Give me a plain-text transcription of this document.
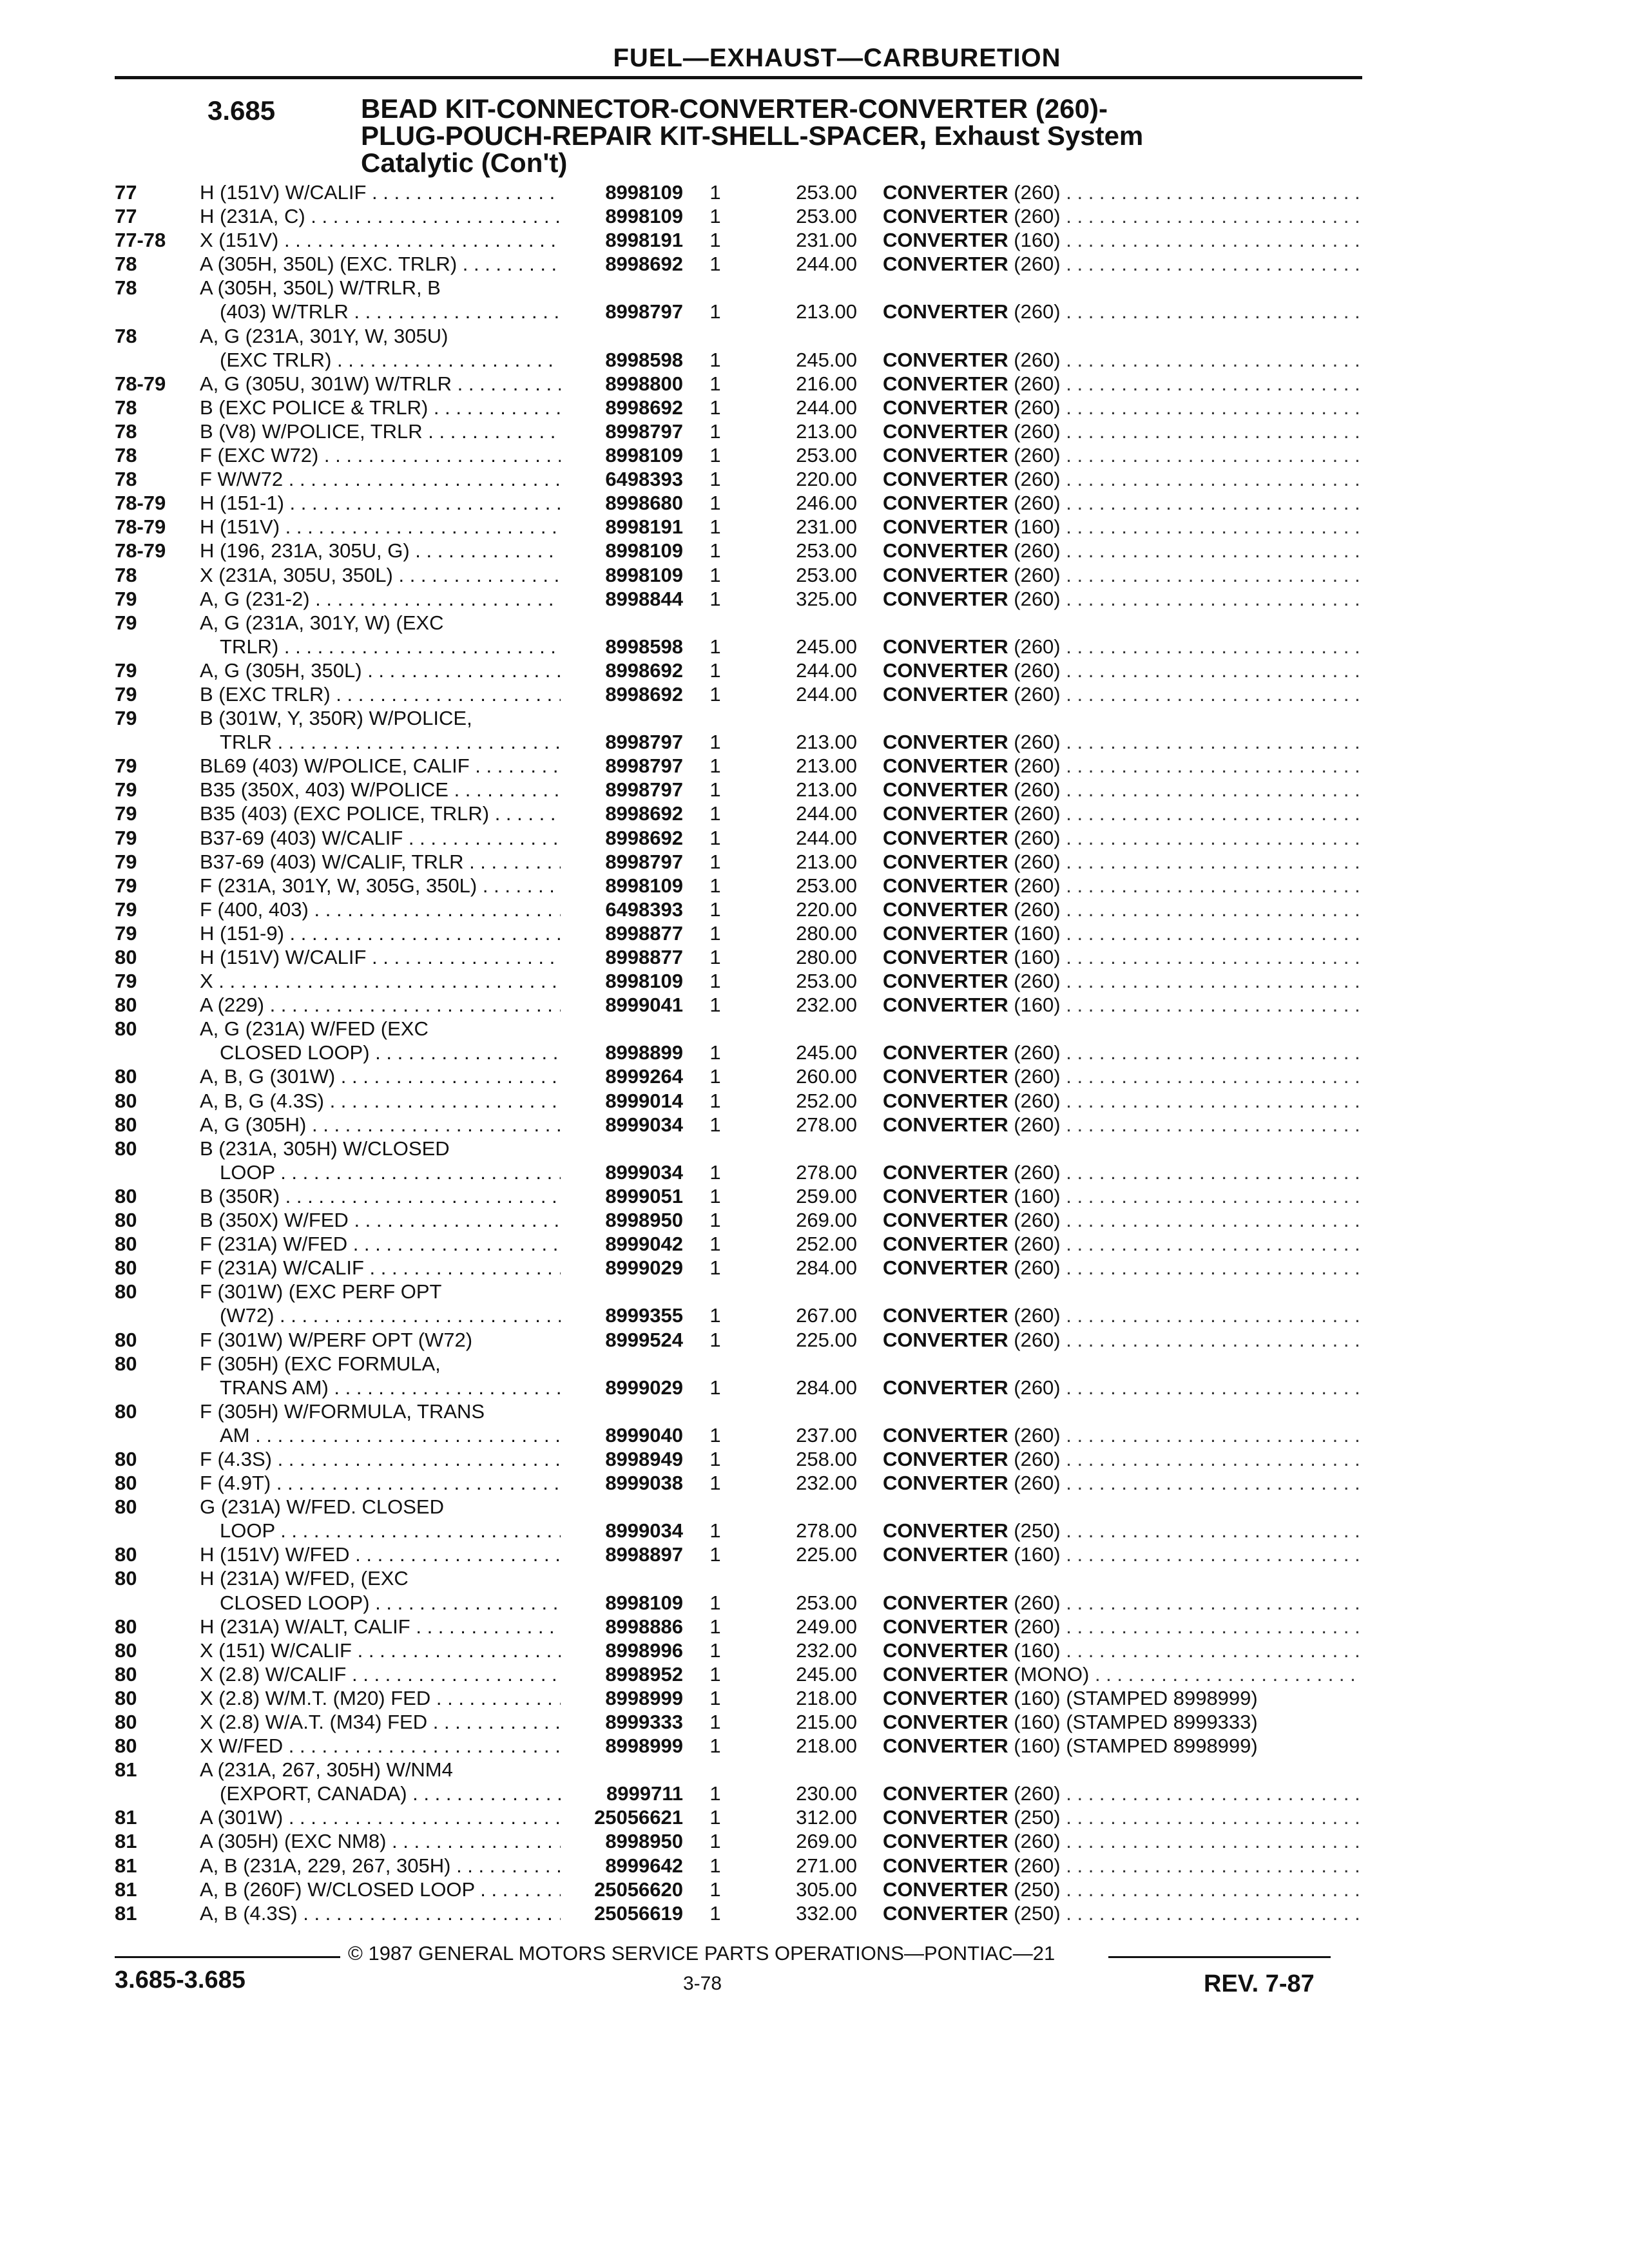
FUEL—EXHAUST—CARBURETION
3.685	BEAD KIT-CONNECTOR-CONVERTER-CONVERTER (260)-
PLUG-POUCH-REPAIR KIT-SHELL-SPACER, Exhaust System
Catalytic (Con't)
77	H (151V) W/CALIF . . .	8998109	1	253.00 CONVERTER (260) . . .
77	H (231A, C) . . .	8998109	1	253.00 CONVERTER (260) . . .
77-78	X (151V) . . .	8998191	1	231.00 CONVERTER (160) . . .
78	A (305H, 350L) (EXC. TRLR) . . .	8998692	1	244.00 CONVERTER (260) . . .
78	A (305H, 350L) W/TRLR, B
  (403) W/TRLR . . .	8998797	1	213.00 CONVERTER (260) . . .
78	A, G (231A, 301Y, W, 305U)
  (EXC TRLR) . . .	8998598	1	245.00 CONVERTER (260) . . .
78-79	A, G (305U, 301W) W/TRLR . . .	8998800	1	216.00 CONVERTER (260) . . .
78	B (EXC POLICE & TRLR) . . .	8998692	1	244.00 CONVERTER (260) . . .
78	B (V8) W/POLICE, TRLR . . .	8998797	1	213.00 CONVERTER (260) . . .
78	F (EXC W72) . . .	8998109	1	253.00 CONVERTER (260) . . .
78	F W/W72 . . .	6498393	1	220.00 CONVERTER (260) . . .
78-79	H (151-1) . . .	8998680	1	246.00 CONVERTER (260) . . .
78-79	H (151V) . . .	8998191	1	231.00 CONVERTER (160) . . .
78-79	H (196, 231A, 305U, G) . . .	8998109	1	253.00 CONVERTER (260) . . .
78	X (231A, 305U, 350L) . . .	8998109	1	253.00 CONVERTER (260) . . .
79	A, G (231-2) . . .	8998844	1	325.00 CONVERTER (260) . . .
79	A, G (231A, 301Y, W) (EXC
  TRLR) . . .	8998598	1	245.00 CONVERTER (260) . . .
79	A, G (305H, 350L) . . .	8998692	1	244.00 CONVERTER (260) . . .
79	B (EXC TRLR) . . .	8998692	1	244.00 CONVERTER (260) . . .
79	B (301W, Y, 350R) W/POLICE,
  TRLR . . .	8998797	1	213.00 CONVERTER (260) . . .
79	BL69 (403) W/POLICE, CALIF . . .	8998797	1	213.00 CONVERTER (260) . . .
79	B35 (350X, 403) W/POLICE . . .	8998797	1	213.00 CONVERTER (260) . . .
79	B35 (403) (EXC POLICE, TRLR) . . .	8998692	1	244.00 CONVERTER (260) . . .
79	B37-69 (403) W/CALIF . . .	8998692	1	244.00 CONVERTER (260) . . .
79	B37-69 (403) W/CALIF, TRLR . . .	8998797	1	213.00 CONVERTER (260) . . .
79	F (231A, 301Y, W, 305G, 350L) . . .	8998109	1	253.00 CONVERTER (260) . . .
79	F (400, 403) . . .	6498393	1	220.00 CONVERTER (260) . . .
79	H (151-9) . . .	8998877	1	280.00 CONVERTER (160) . . .
80	H (151V) W/CALIF . . .	8998877	1	280.00 CONVERTER (160) . . .
79	X . . .	8998109	1	253.00 CONVERTER (260) . . .
80	A (229) . . .	8999041	1	232.00 CONVERTER (160) . . .
80	A, G (231A) W/FED (EXC
  CLOSED LOOP) . . .	8998899	1	245.00 CONVERTER (260) . . .
80	A, B, G (301W) . . .	8999264	1	260.00 CONVERTER (260) . . .
80	A, B, G (4.3S) . . .	8999014	1	252.00 CONVERTER (260) . . .
80	A, G (305H) . . .	8999034	1	278.00 CONVERTER (260) . . .
80	B (231A, 305H) W/CLOSED
  LOOP . . .	8999034	1	278.00 CONVERTER (260) . . .
80	B (350R) . . .	8999051	1	259.00 CONVERTER (160) . . .
80	B (350X) W/FED . . .	8998950	1	269.00 CONVERTER (260) . . .
80	F (231A) W/FED . . .	8999042	1	252.00 CONVERTER (260) . . .
80	F (231A) W/CALIF . . .	8999029	1	284.00 CONVERTER (260) . . .
80	F (301W) (EXC PERF OPT
  (W72) . . .	8999355	1	267.00 CONVERTER (260) . . .
80	F (301W) W/PERF OPT (W72)	8999524	1	225.00 CONVERTER (260) . . .
80	F (305H) (EXC FORMULA,
  TRANS AM) . . .	8999029	1	284.00 CONVERTER (260) . . .
80	F (305H) W/FORMULA, TRANS
  AM . . .	8999040	1	237.00 CONVERTER (260) . . .
80	F (4.3S) . . .	8998949	1	258.00 CONVERTER (260) . . .
80	F (4.9T) . . .	8999038	1	232.00 CONVERTER (260) . . .
80	G (231A) W/FED. CLOSED
  LOOP . . .	8999034	1	278.00 CONVERTER (250) . . .
80	H (151V) W/FED . . .	8998897	1	225.00 CONVERTER (160) . . .
80	H (231A) W/FED, (EXC
  CLOSED LOOP) . . .	8998109	1	253.00 CONVERTER (260) . . .
80	H (231A) W/ALT, CALIF . . .	8998886	1	249.00 CONVERTER (260) . . .
80	X (151) W/CALIF . . .	8998996	1	232.00 CONVERTER (160) . . .
80	X (2.8) W/CALIF . . .	8998952	1	245.00 CONVERTER (MONO) . . .
80	X (2.8) W/M.T. (M20) FED . . .	8998999	1	218.00 CONVERTER (160) (STAMPED 8998999)
80	X (2.8) W/A.T. (M34) FED . . .	8999333	1	215.00 CONVERTER (160) (STAMPED 8999333)
80	X W/FED . . .	8998999	1	218.00 CONVERTER (160) (STAMPED 8998999)
81	A (231A, 267, 305H) W/NM4
  (EXPORT, CANADA) . . .	8999711	1	230.00 CONVERTER (260) . . .
81	A (301W) . . .	25056621	1	312.00 CONVERTER (250) . . .
81	A (305H) (EXC NM8) . . .	8998950	1	269.00 CONVERTER (260) . . .
81	A, B (231A, 229, 267, 305H) . . .	8999642	1	271.00 CONVERTER (260) . . .
81	A, B (260F) W/CLOSED LOOP . . .	25056620	1	305.00 CONVERTER (250) . . .
81	A, B (4.3S) . . .	25056619	1	332.00 CONVERTER (250) . . .
© 1987 GENERAL MOTORS SERVICE PARTS OPERATIONS—PONTIAC—21
3.685-3.685	3-78	REV. 7-87
